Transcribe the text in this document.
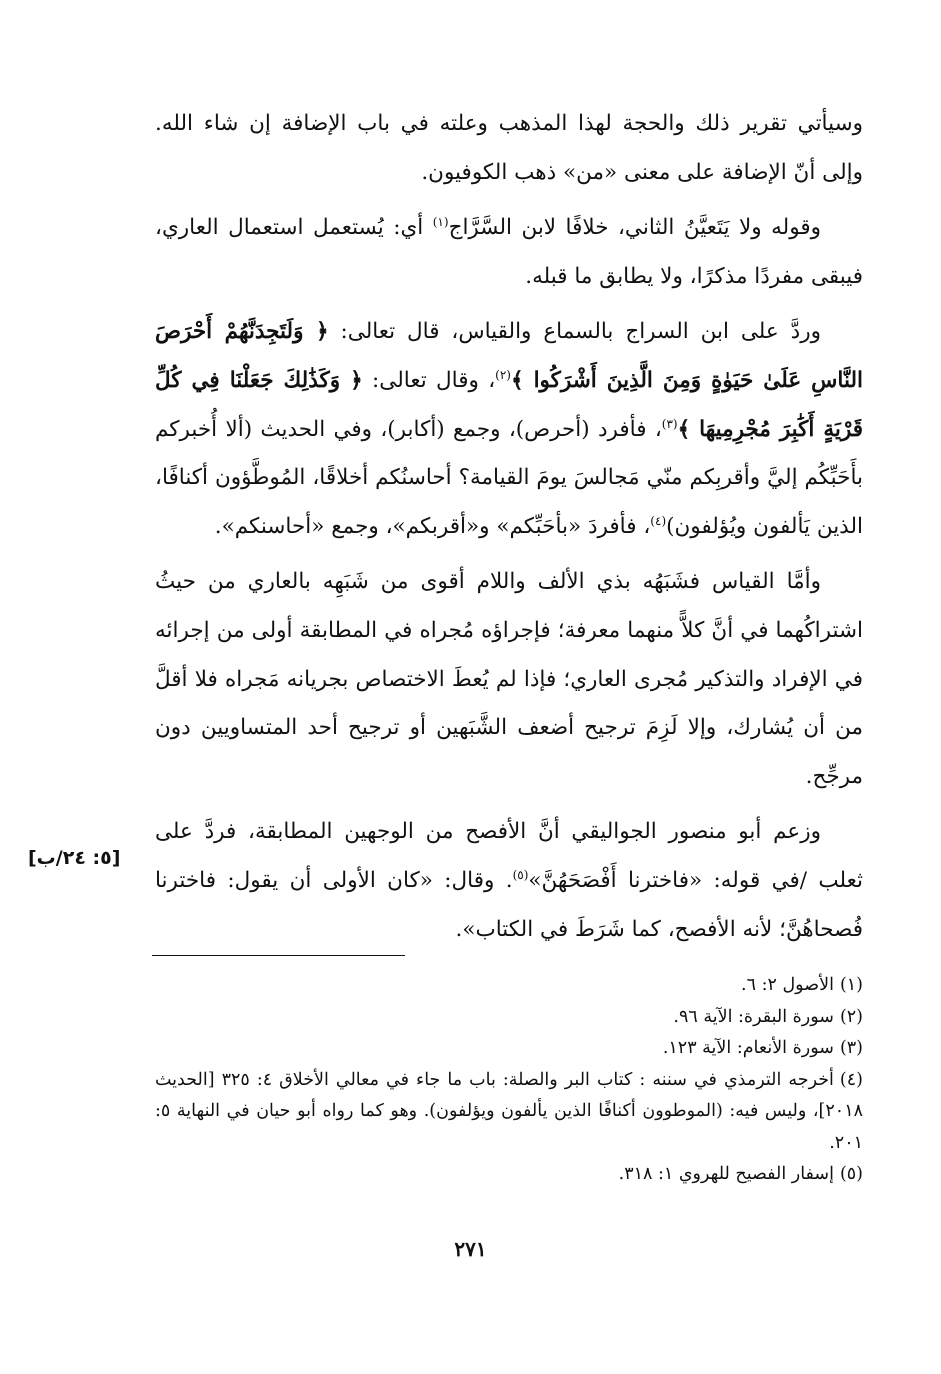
وسيأتي تقرير ذلك والحجة لهذا المذهب وعلته في باب الإضافة إن شاء الله. وإلى أنّ الإضافة على معنى «من» ذهب الكوفيون.

وقوله ولا يَتَعيَّنُ الثاني، خلافًا لابن السَّرَّاج$^{(١)}$ أي: يُستعمل استعمال العاري، فيبقى مفردًا مذكرًا، ولا يطابق ما قبله.

وردَّ على ابن السراج بالسماع والقياس، قال تعالى: ﴿ وَلَتَجِدَنَّهُمْ أَحْرَصَ النَّاسِ عَلَىٰ حَيَوٰةٍ وَمِنَ الَّذِينَ أَشْرَكُوا ﴾$^{(٢)}$، وقال تعالى: ﴿ وَكَذَٰلِكَ جَعَلْنَا فِي كُلِّ قَرْيَةٍ أَكَٰبِرَ مُجْرِمِيهَا ﴾$^{(٣)}$، فأفرد (أحرص)، وجمع (أكابر)، وفي الحديث (ألا أُخبركم بأَحَبِّكُم إليَّ وأقربِكم منّي مَجالسَ يومَ القيامة؟ أحاسنُكم أخلاقًا، المُوطَّؤون أكنافًا، الذين يَألفون ويُؤلفون)$^{(٤)}$، فأفردَ «بأحَبِّكم» و«أقربكم»، وجمع «أحاسنكم».

وأمَّا القياس فشَبَهُه بذي الألف واللام أقوى من شَبَهِه بالعاري من حيثُ اشتراكُهما في أنَّ كلاًّ منهما معرفة؛ فإجراؤه مُجراه في المطابقة أولى من إجرائه في الإفراد والتذكير مُجرى العاري؛ فإذا لم يُعطَ الاختصاص بجريانه مَجراه فلا أقلَّ من أن يُشارك، وإلا لَزِمَ ترجيح أضعف الشَّبَهين أو ترجيح أحد المتساويين دون مرجِّح.

وزعم أبو منصور الجواليقي أنَّ الأفصح من الوجهين المطابقة، فردَّ على ثعلب /في قوله: «فاخترنا أَفْصَحَهُنَّ»$^{(٥)}$. وقال: «كان الأولى أن يقول: فاخترنا فُصحاهُنَّ؛ لأنه الأفصح، كما شَرَطَ في الكتاب».

[٥: ٢٤/ب]

(١)الأصول ٢: ٦.

(٢)سورة البقرة: الآية ٩٦.

(٣)سورة الأنعام: الآية ١٢٣.

(٤)أخرجه الترمذي في سننه : كتاب البر والصلة: باب ما جاء في معالي الأخلاق ٤: ٣٢٥ [الحديث ٢٠١٨]، وليس فيه: (الموطوون أكنافًا الذين يألفون ويؤلفون). وهو كما رواه أبو حيان في النهاية ٥: ٢٠١.

(٥)إسفار الفصيح للهروي ١: ٣١٨.

٢٧١
